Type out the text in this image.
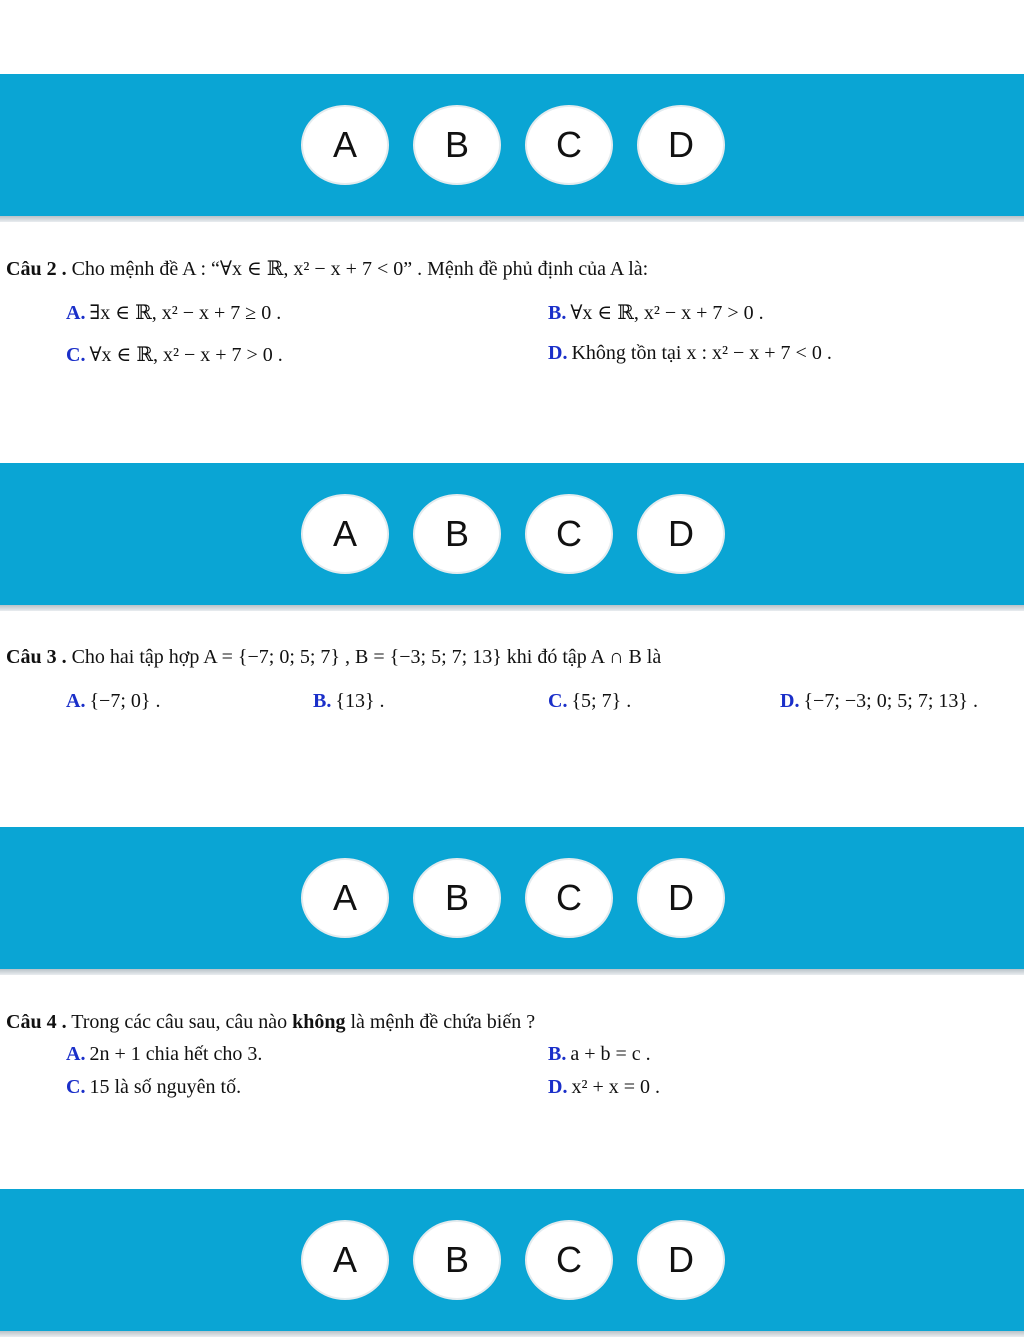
A	B	C	D
Câu 2 . Cho mệnh đề A : “∀x ∈ ℝ, x² − x + 7 < 0” . Mệnh đề phủ định của A là:
A. ∃x ∈ ℝ, x² − x + 7 ≥ 0 .	B. ∀x ∈ ℝ, x² − x + 7 > 0 .
C. ∀x ∈ ℝ, x² − x + 7 > 0 .	D. Không tồn tại x : x² − x + 7 < 0 .
A	B	C	D
Câu 3 . Cho hai tập hợp A = {−7; 0; 5; 7} , B = {−3; 5; 7; 13} khi đó tập A ∩ B là
A. {−7; 0} .	B. {13} .	C. {5; 7} .	D. {−7; −3; 0; 5; 7; 13} .
A	B	C	D
Câu 4 . Trong các câu sau, câu nào không là mệnh đề chứa biến ?
A. 2n + 1 chia hết cho 3.	B. a + b = c .
C. 15 là số nguyên tố.	D. x² + x = 0 .
A	B	C	D
